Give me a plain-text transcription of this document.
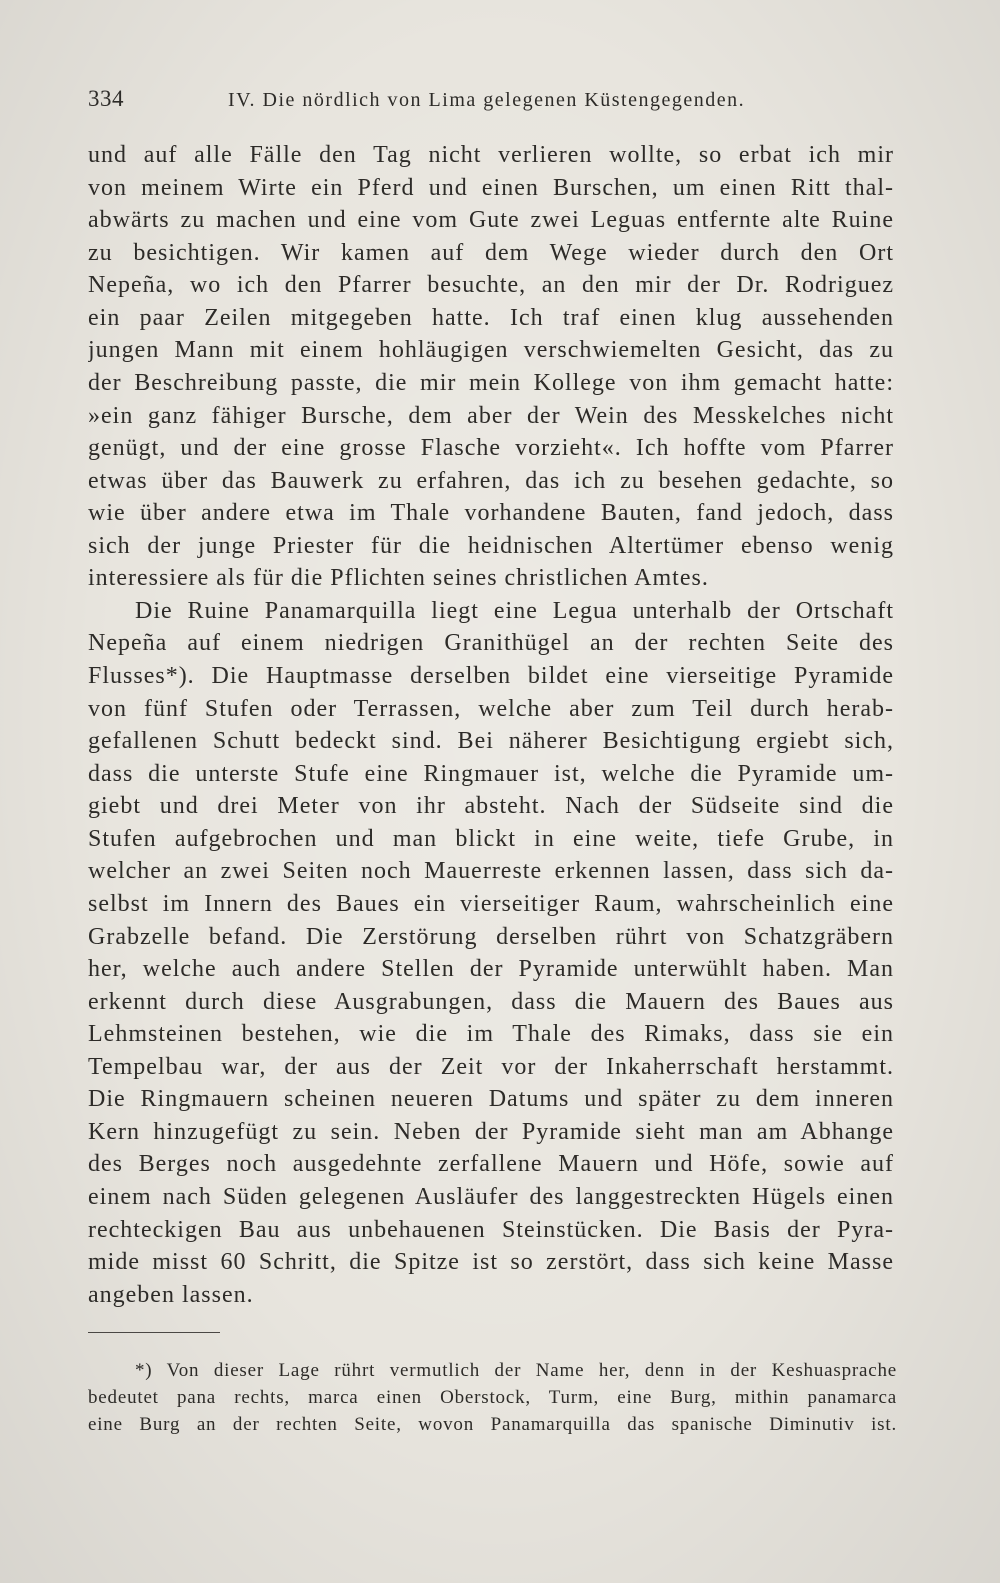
334	IV. Die nördlich von Lima gelegenen Küstengegenden.
und auf alle Fälle den Tag nicht verlieren wollte, so erbat ich mir
von meinem Wirte ein Pferd und einen Burschen, um einen Ritt thal-
abwärts zu machen und eine vom Gute zwei Leguas entfernte alte Ruine
zu besichtigen. Wir kamen auf dem Wege wieder durch den Ort
Nepeña, wo ich den Pfarrer besuchte, an den mir der Dr. Rodriguez
ein paar Zeilen mitgegeben hatte. Ich traf einen klug aussehenden
jungen Mann mit einem hohläugigen verschwiemelten Gesicht, das zu
der Beschreibung passte, die mir mein Kollege von ihm gemacht hatte:
»ein ganz fähiger Bursche, dem aber der Wein des Messkelches nicht
genügt, und der eine grosse Flasche vorzieht«. Ich hoffte vom Pfarrer
etwas über das Bauwerk zu erfahren, das ich zu besehen gedachte, so
wie über andere etwa im Thale vorhandene Bauten, fand jedoch, dass
sich der junge Priester für die heidnischen Altertümer ebenso wenig
interessiere als für die Pflichten seines christlichen Amtes.
Die Ruine Panamarquilla liegt eine Legua unterhalb der Ortschaft
Nepeña auf einem niedrigen Granithügel an der rechten Seite des
Flusses*). Die Hauptmasse derselben bildet eine vierseitige Pyramide
von fünf Stufen oder Terrassen, welche aber zum Teil durch herab-
gefallenen Schutt bedeckt sind. Bei näherer Besichtigung ergiebt sich,
dass die unterste Stufe eine Ringmauer ist, welche die Pyramide um-
giebt und drei Meter von ihr absteht. Nach der Südseite sind die
Stufen aufgebrochen und man blickt in eine weite, tiefe Grube, in
welcher an zwei Seiten noch Mauerreste erkennen lassen, dass sich da-
selbst im Innern des Baues ein vierseitiger Raum, wahrscheinlich eine
Grabzelle befand. Die Zerstörung derselben rührt von Schatzgräbern
her, welche auch andere Stellen der Pyramide unterwühlt haben. Man
erkennt durch diese Ausgrabungen, dass die Mauern des Baues aus
Lehmsteinen bestehen, wie die im Thale des Rimaks, dass sie ein
Tempelbau war, der aus der Zeit vor der Inkaherrschaft herstammt.
Die Ringmauern scheinen neueren Datums und später zu dem inneren
Kern hinzugefügt zu sein. Neben der Pyramide sieht man am Abhange
des Berges noch ausgedehnte zerfallene Mauern und Höfe, sowie auf
einem nach Süden gelegenen Ausläufer des langgestreckten Hügels einen
rechteckigen Bau aus unbehauenen Steinstücken. Die Basis der Pyra-
mide misst 60 Schritt, die Spitze ist so zerstört, dass sich keine Masse
angeben lassen.
*) Von dieser Lage rührt vermutlich der Name her, denn in der Keshuasprache
bedeutet pana rechts, marca einen Oberstock, Turm, eine Burg, mithin panamarca
eine Burg an der rechten Seite, wovon Panamarquilla das spanische Diminutiv ist.
